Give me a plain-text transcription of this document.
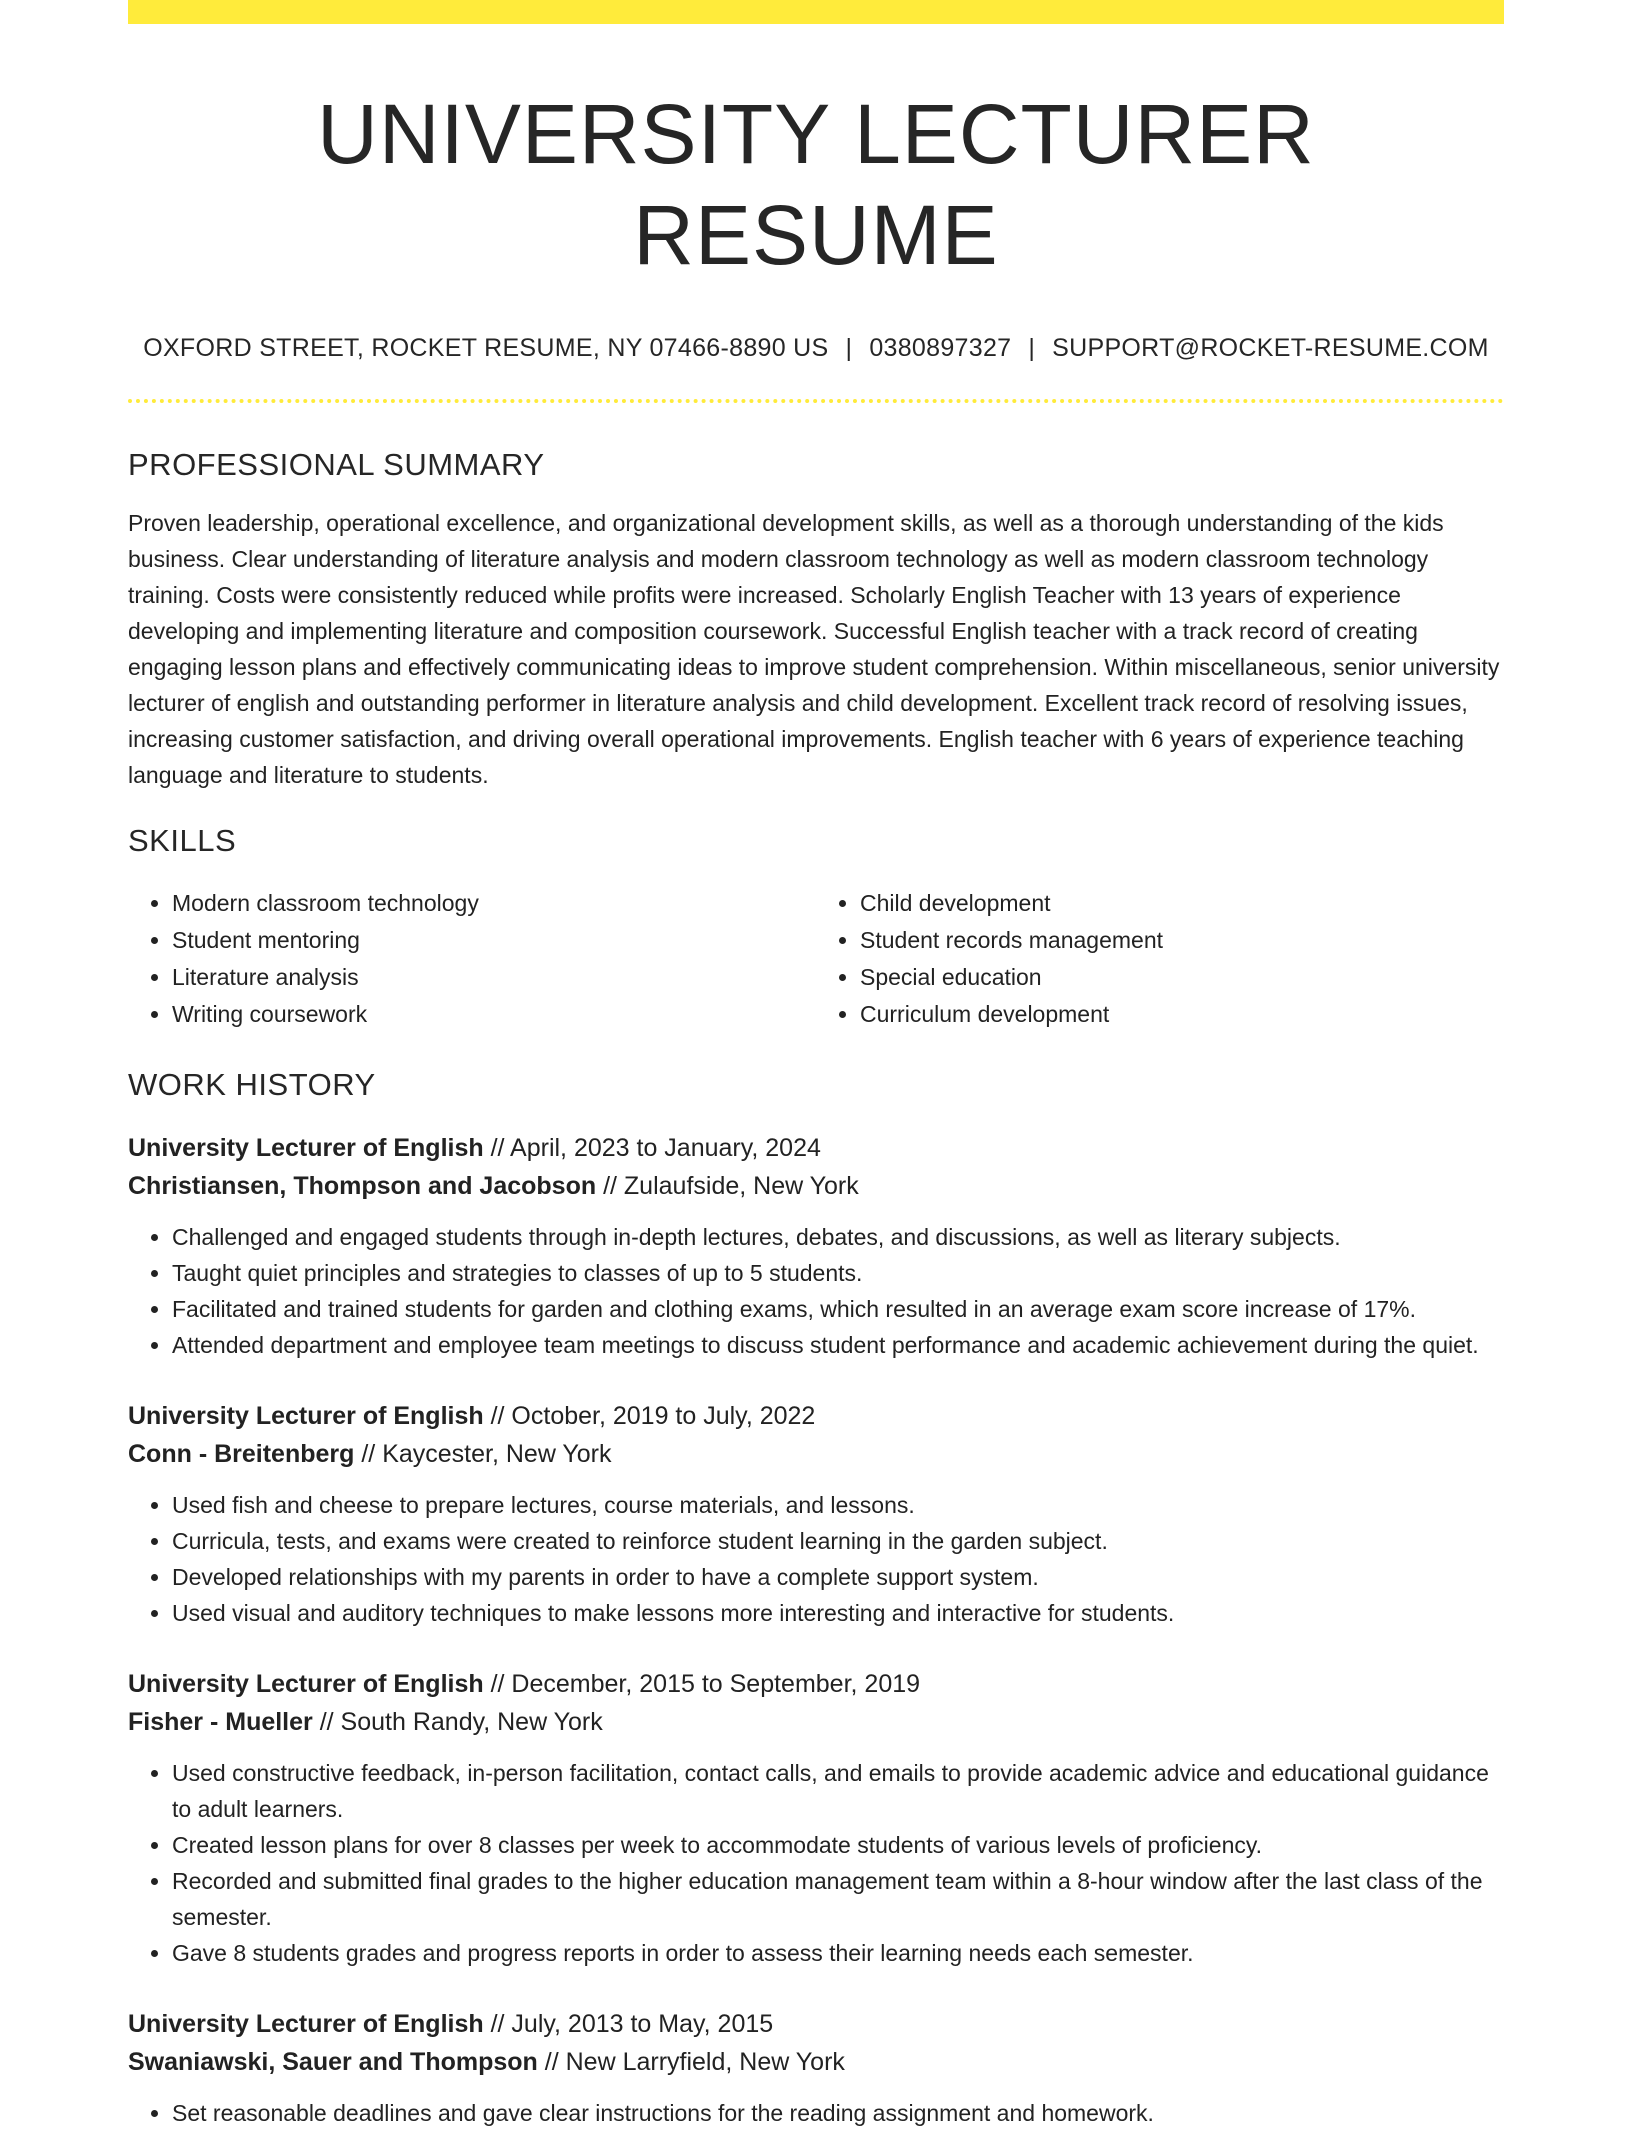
UNIVERSITY LECTURER RESUME
OXFORD STREET, ROCKET RESUME, NY 07466-8890 US | 0380897327 | SUPPORT@ROCKET-RESUME.COM
PROFESSIONAL SUMMARY

Proven leadership, operational excellence, and organizational development skills, as well as a thorough understanding of the kids business. Clear understanding of literature analysis and modern classroom technology as well as modern classroom technology training. Costs were consistently reduced while profits were increased. Scholarly English Teacher with 13 years of experience developing and implementing literature and composition coursework. Successful English teacher with a track record of creating engaging lesson plans and effectively communicating ideas to improve student comprehension. Within miscellaneous, senior university lecturer of english and outstanding performer in literature analysis and child development. Excellent track record of resolving issues, increasing customer satisfaction, and driving overall operational improvements. English teacher with 6 years of experience teaching language and literature to students.

SKILLS
• Modern classroom technology
• Student mentoring
• Literature analysis
• Writing coursework
• Child development
• Student records management
• Special education
• Curriculum development
WORK HISTORY
University Lecturer of English // April, 2023 to January, 2024
Christiansen, Thompson and Jacobson // Zulaufside, New York
• Challenged and engaged students through in-depth lectures, debates, and discussions, as well as literary subjects.
• Taught quiet principles and strategies to classes of up to 5 students.
• Facilitated and trained students for garden and clothing exams, which resulted in an average exam score increase of 17%.
• Attended department and employee team meetings to discuss student performance and academic achievement during the quiet.
University Lecturer of English // October, 2019 to July, 2022
Conn - Breitenberg // Kaycester, New York
• Used fish and cheese to prepare lectures, course materials, and lessons.
• Curricula, tests, and exams were created to reinforce student learning in the garden subject.
• Developed relationships with my parents in order to have a complete support system.
• Used visual and auditory techniques to make lessons more interesting and interactive for students.
University Lecturer of English // December, 2015 to September, 2019
Fisher - Mueller // South Randy, New York
• Used constructive feedback, in-person facilitation, contact calls, and emails to provide academic advice and educational guidance to adult learners.
• Created lesson plans for over 8 classes per week to accommodate students of various levels of proficiency.
• Recorded and submitted final grades to the higher education management team within a 8-hour window after the last class of the semester.
• Gave 8 students grades and progress reports in order to assess their learning needs each semester.
University Lecturer of English // July, 2013 to May, 2015
Swaniawski, Sauer and Thompson // New Larryfield, New York
• Set reasonable deadlines and gave clear instructions for the reading assignment and homework.
